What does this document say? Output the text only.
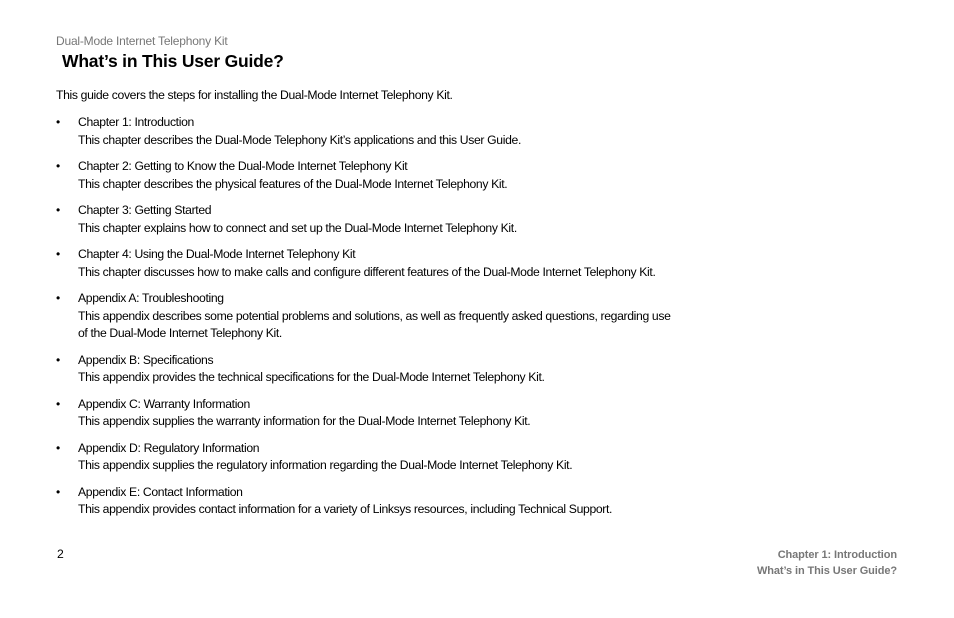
Dual-Mode Internet Telephony Kit
What’s in This User Guide?
This guide covers the steps for installing the Dual-Mode Internet Telephony Kit.
• Chapter 1: Introduction
This chapter describes the Dual-Mode Telephony Kit’s applications and this User Guide.
• Chapter 2: Getting to Know the Dual-Mode Internet Telephony Kit
This chapter describes the physical features of the Dual-Mode Internet Telephony Kit.
• Chapter 3: Getting Started
This chapter explains how to connect and set up the Dual-Mode Internet Telephony Kit.
• Chapter 4: Using the Dual-Mode Internet Telephony Kit
This chapter discusses how to make calls and configure different features of the Dual-Mode Internet Telephony Kit.
• Appendix A: Troubleshooting
This appendix describes some potential problems and solutions, as well as frequently asked questions, regarding use of the Dual-Mode Internet Telephony Kit.
• Appendix B: Specifications
This appendix provides the technical specifications for the Dual-Mode Internet Telephony Kit.
• Appendix C: Warranty Information
This appendix supplies the warranty information for the Dual-Mode Internet Telephony Kit.
• Appendix D: Regulatory Information
This appendix supplies the regulatory information regarding the Dual-Mode Internet Telephony Kit.
• Appendix E: Contact Information
This appendix provides contact information for a variety of Linksys resources, including Technical Support.
2	Chapter 1: Introduction
What’s in This User Guide?
